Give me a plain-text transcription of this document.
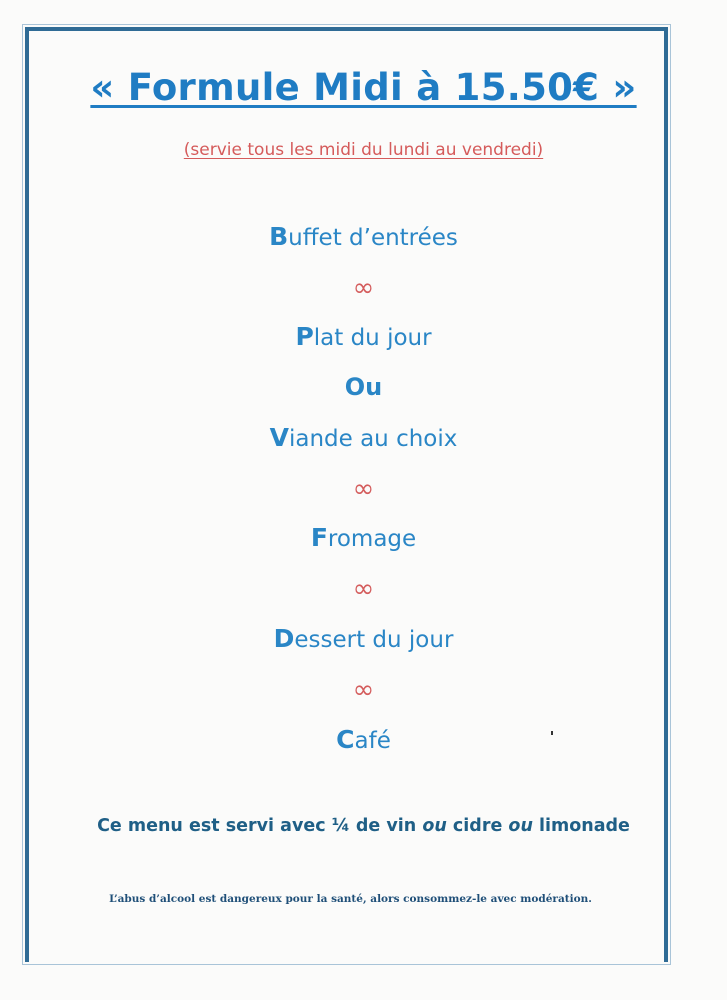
« Formule Midi à 15.50€ »
(servie tous les midi du lundi au vendredi)
Buffet d’entrées
∞
Plat du jour
Ou
Viande au choix
∞
Fromage
∞
Dessert du jour
∞
Café
Ce menu est servi avec ¼ de vin ou cidre ou limonade
L’abus d’alcool est dangereux pour la santé, alors consommez-le avec modération.
